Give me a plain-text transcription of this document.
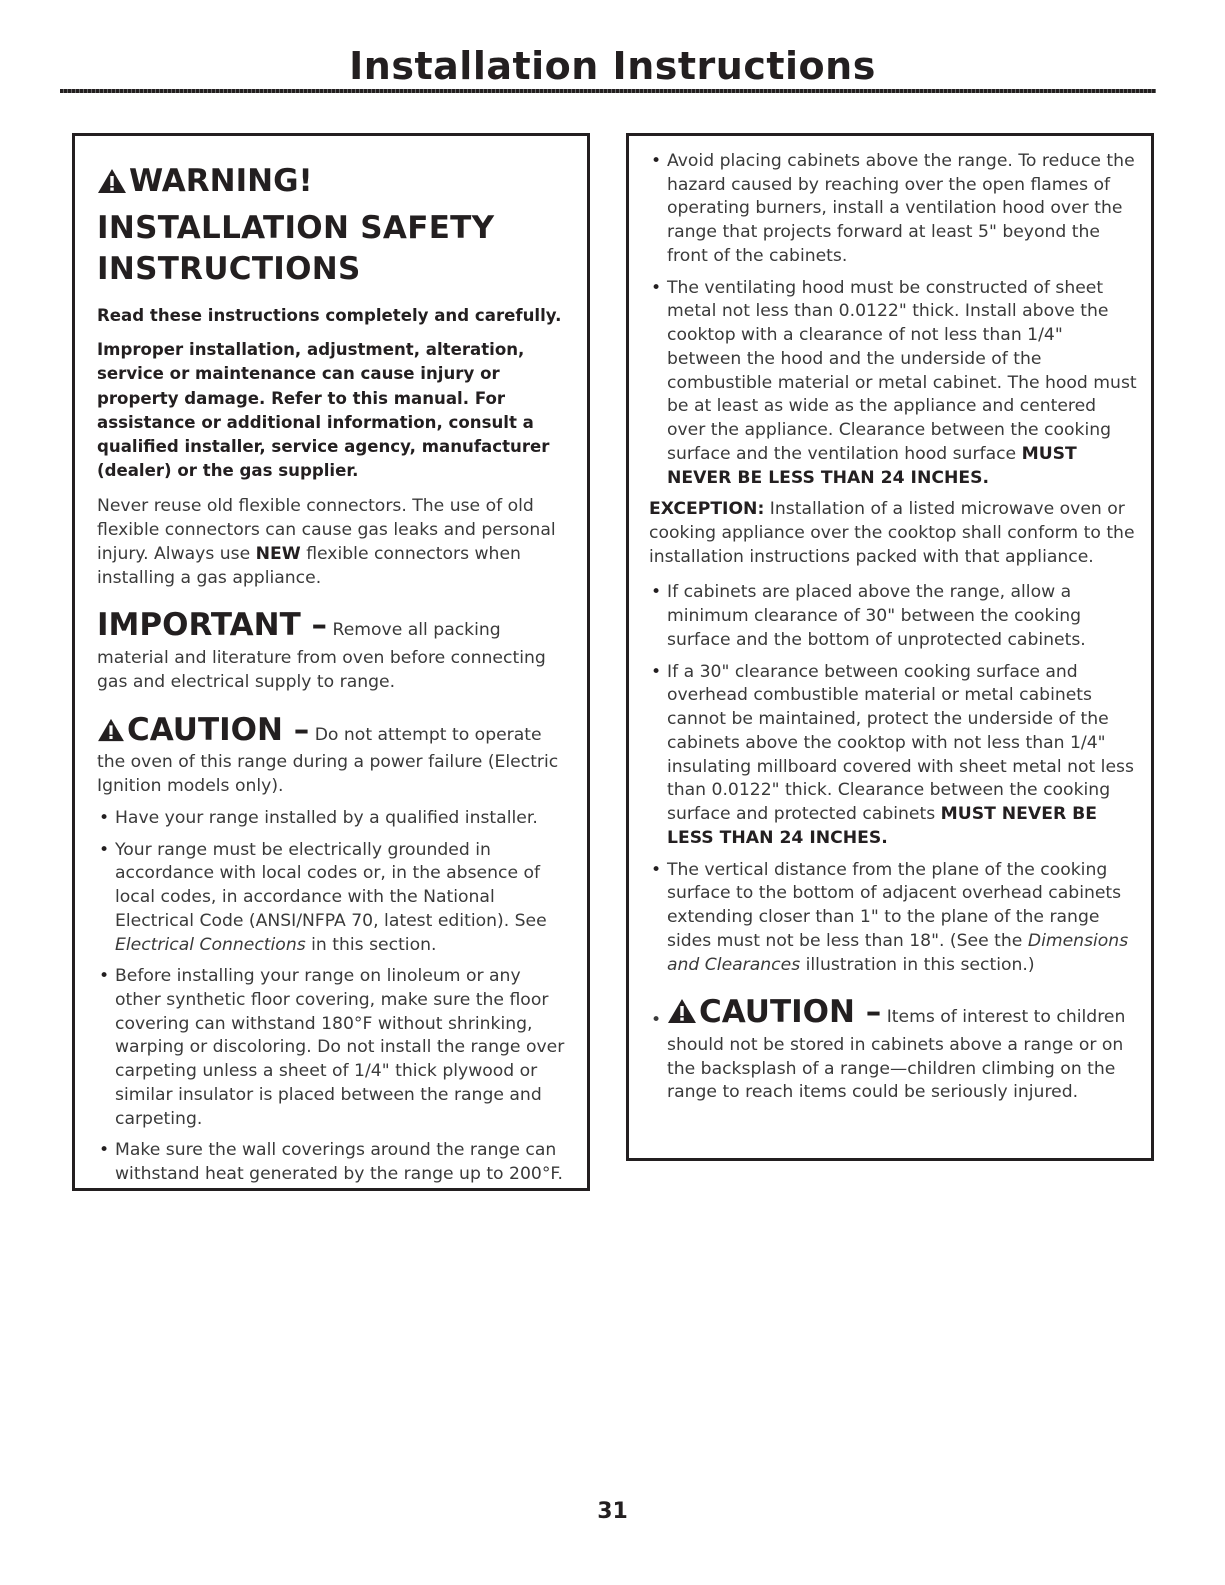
Installation Instructions
WARNING!
INSTALLATION SAFETY
INSTRUCTIONS

Read these instructions completely and carefully.

Improper installation, adjustment, alteration, service or maintenance can cause injury or property damage. Refer to this manual. For assistance or additional information, consult a qualified installer, service agency, manufacturer (dealer) or the gas supplier.

Never reuse old flexible connectors. The use of old flexible connectors can cause gas leaks and personal injury. Always use NEW flexible connectors when installing a gas appliance.

IMPORTANT – Remove all packing material and literature from oven before connecting gas and electrical supply to range.

CAUTION – Do not attempt to operate the oven of this range during a power failure (Electric Ignition models only).

• Have your range installed by a qualified installer.
• Your range must be electrically grounded in accordance with local codes or, in the absence of local codes, in accordance with the National Electrical Code (ANSI/NFPA 70, latest edition). See Electrical Connections in this section.
• Before installing your range on linoleum or any other synthetic floor covering, make sure the floor covering can withstand 180°F without shrinking, warping or discoloring. Do not install the range over carpeting unless a sheet of 1/4" thick plywood or similar insulator is placed between the range and carpeting.
• Make sure the wall coverings around the range can withstand heat generated by the range up to 200°F.
• Avoid placing cabinets above the range. To reduce the hazard caused by reaching over the open flames of operating burners, install a ventilation hood over the range that projects forward at least 5" beyond the front of the cabinets.
• The ventilating hood must be constructed of sheet metal not less than 0.0122" thick. Install above the cooktop with a clearance of not less than 1/4" between the hood and the underside of the combustible material or metal cabinet. The hood must be at least as wide as the appliance and centered over the appliance. Clearance between the cooking surface and the ventilation hood surface MUST NEVER BE LESS THAN 24 INCHES.

EXCEPTION: Installation of a listed microwave oven or cooking appliance over the cooktop shall conform to the installation instructions packed with that appliance.

• If cabinets are placed above the range, allow a minimum clearance of 30" between the cooking surface and the bottom of unprotected cabinets.
• If a 30" clearance between cooking surface and overhead combustible material or metal cabinets cannot be maintained, protect the underside of the cabinets above the cooktop with not less than 1/4" insulating millboard covered with sheet metal not less than 0.0122" thick. Clearance between the cooking surface and protected cabinets MUST NEVER BE LESS THAN 24 INCHES.
• The vertical distance from the plane of the cooking surface to the bottom of adjacent overhead cabinets extending closer than 1" to the plane of the range sides must not be less than 18". (See the Dimensions and Clearances illustration in this section.)
• CAUTION – Items of interest to children should not be stored in cabinets above a range or on the backsplash of a range—children climbing on the range to reach items could be seriously injured.
31
